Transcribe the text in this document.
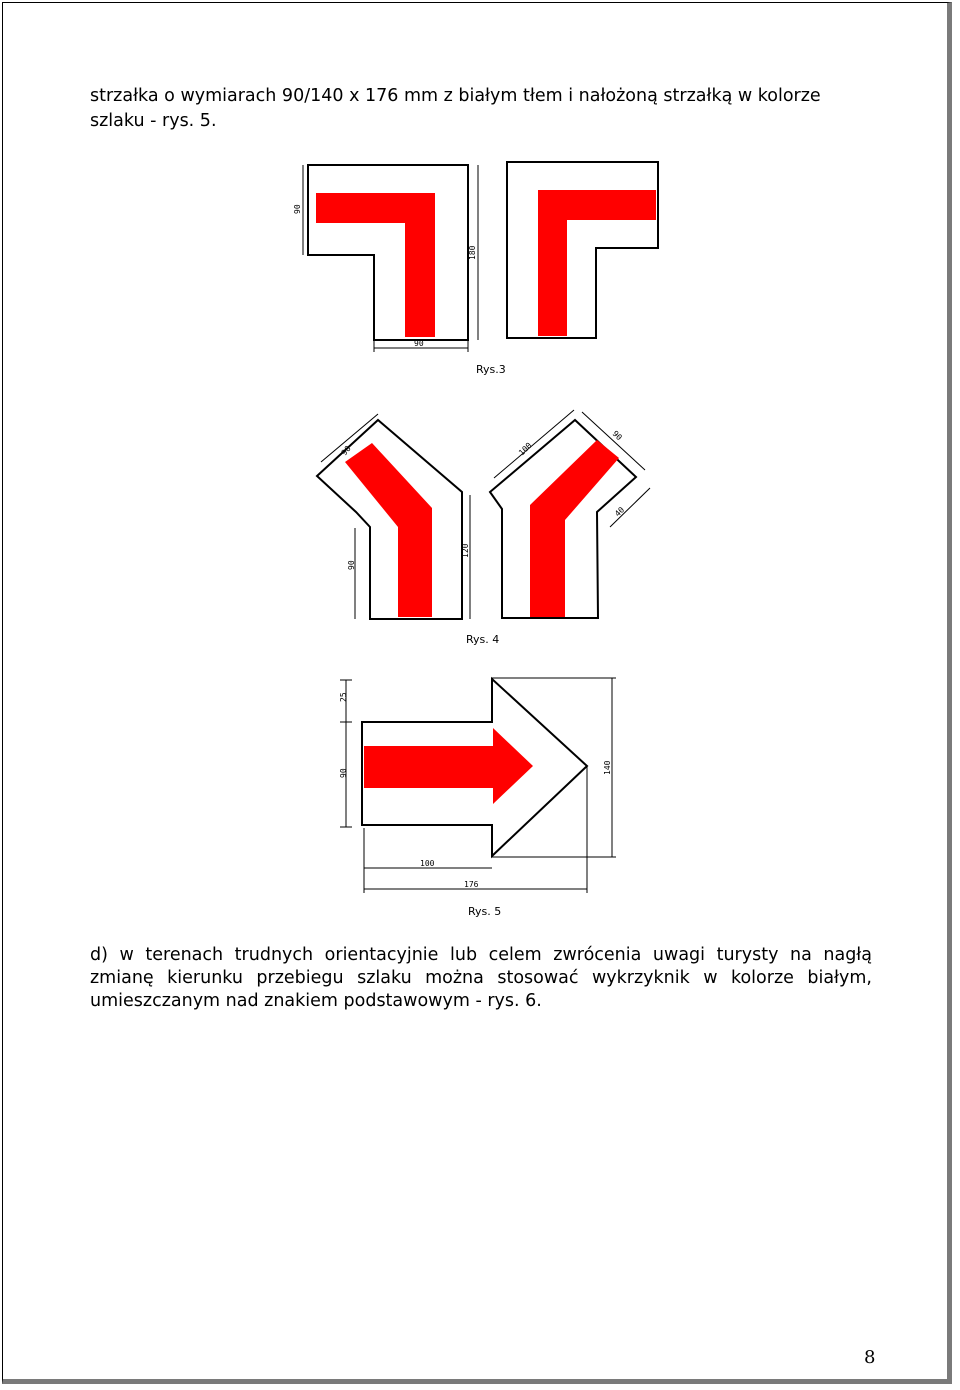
strzałka o wymiarach 90/140 x 176 mm z białym tłem i nałożoną strzałką w kolorze szlaku - rys. 5.

90
180
90
Rys.3
90
90
120
100
90
40
Rys. 4
25
90	140
100
176
Rys. 5

d) w terenach trudnych orientacyjnie lub celem zwrócenia uwagi turysty na nagłą zmianę kierunku przebiegu szlaku można stosować wykrzyknik w kolorze białym, umieszczanym nad znakiem podstawowym - rys. 6.

8
